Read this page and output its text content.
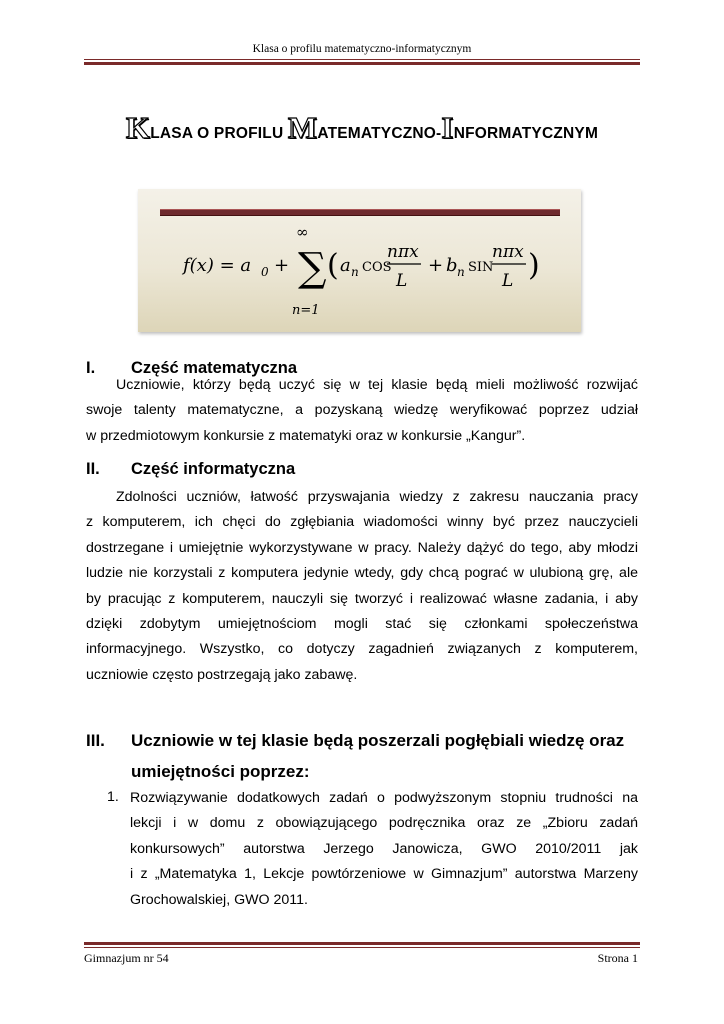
Klasa o profilu matematyczno-informatycznym
KLASA O PROFILU MATEMATYCZNO-INFORMATYCZNYM
f(x) = a 0 +
∞
∑
n=1
( a n COS
nπx
L
+ b n SIN
nπx
L )
I. Część matematyczna
Uczniowie, którzy będą uczyć się w tej klasie będą mieli możliwość rozwijać
swoje talenty matematyczne, a pozyskaną wiedzę weryfikować poprzez udział
w przedmiotowym konkursie z matematyki oraz w konkursie „Kangur”.
II. Część informatyczna
Zdolności uczniów, łatwość przyswajania wiedzy z zakresu nauczania pracy
z komputerem, ich chęci do zgłębiania wiadomości winny być przez nauczycieli
dostrzegane i umiejętnie wykorzystywane w pracy. Należy dążyć do tego, aby młodzi
ludzie nie korzystali z komputera jedynie wtedy, gdy chcą pograć w ulubioną grę, ale
by pracując z komputerem, nauczyli się tworzyć i realizować własne zadania, i aby
dzięki zdobytym umiejętnościom mogli stać się członkami społeczeństwa
informacyjnego. Wszystko, co dotyczy zagadnień związanych z komputerem,
uczniowie często postrzegają jako zabawę.
III. Uczniowie w tej klasie będą poszerzali pogłębiali wiedzę oraz
umiejętności poprzez:
1. Rozwiązywanie dodatkowych zadań o podwyższonym stopniu trudności na
lekcji i w domu z obowiązującego podręcznika oraz ze „Zbioru zadań
konkursowych” autorstwa Jerzego Janowicza, GWO 2010/2011 jak
i z „Matematyka 1, Lekcje powtórzeniowe w Gimnazjum” autorstwa Marzeny
Grochowalskiej, GWO 2011.
Gimnazjum nr 54	Strona 1
